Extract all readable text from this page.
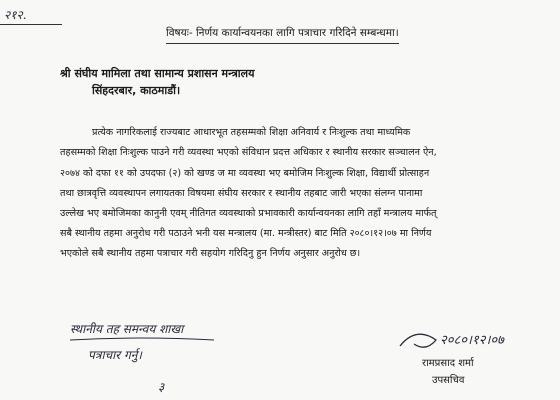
२१२.
विषयः- निर्णय कार्यान्वयनका लागि पत्राचार गरिदिने सम्बन्धमा।
श्री संघीय मामिला तथा सामान्य प्रशासन मन्त्रालय
सिंहदरबार, काठमाडौं।
प्रत्येक नागरिकलाई राज्यबाट आधारभूत तहसम्मको शिक्षा अनिवार्य र निःशुल्क तथा माध्यमिक
तहसम्मको शिक्षा निःशुल्क पाउने गरी व्यवस्था भएको संविधान प्रदत्त अधिकार र स्थानीय सरकार सञ्चालन ऐन,
२०७४ को दफा ११ को उपदफा (२) को खण्ड ज मा व्यवस्था भए बमोजिम निःशुल्क शिक्षा, विद्यार्थी प्रोत्साहन
तथा छात्रवृत्ति व्यवस्थापन लगायतका विषयमा संघीय सरकार र स्थानीय तहबाट जारी भएका संलग्न पानामा
उल्लेख भए बमोजिमका कानुनी एवम् नीतिगत व्यवस्थाको प्रभावकारी कार्यान्वयनका लागि तहाँ मन्त्रालय मार्फत्
सबै स्थानीय तहमा अनुरोध गरी पठाउने भनी यस मन्त्रालय (मा. मन्त्रीस्तर) बाट मिति २०८०।१२।०७ मा निर्णय
भएकोले सबै स्थानीय तहमा पत्राचार गरी सहयोग गरिदिनु हुन निर्णय अनुसार अनुरोध छ।
स्थानीय तह समन्वय शाखा
पत्राचार गर्नु।
३
२०८०।१२।०७
रामप्रसाद शर्मा
उपसचिव
